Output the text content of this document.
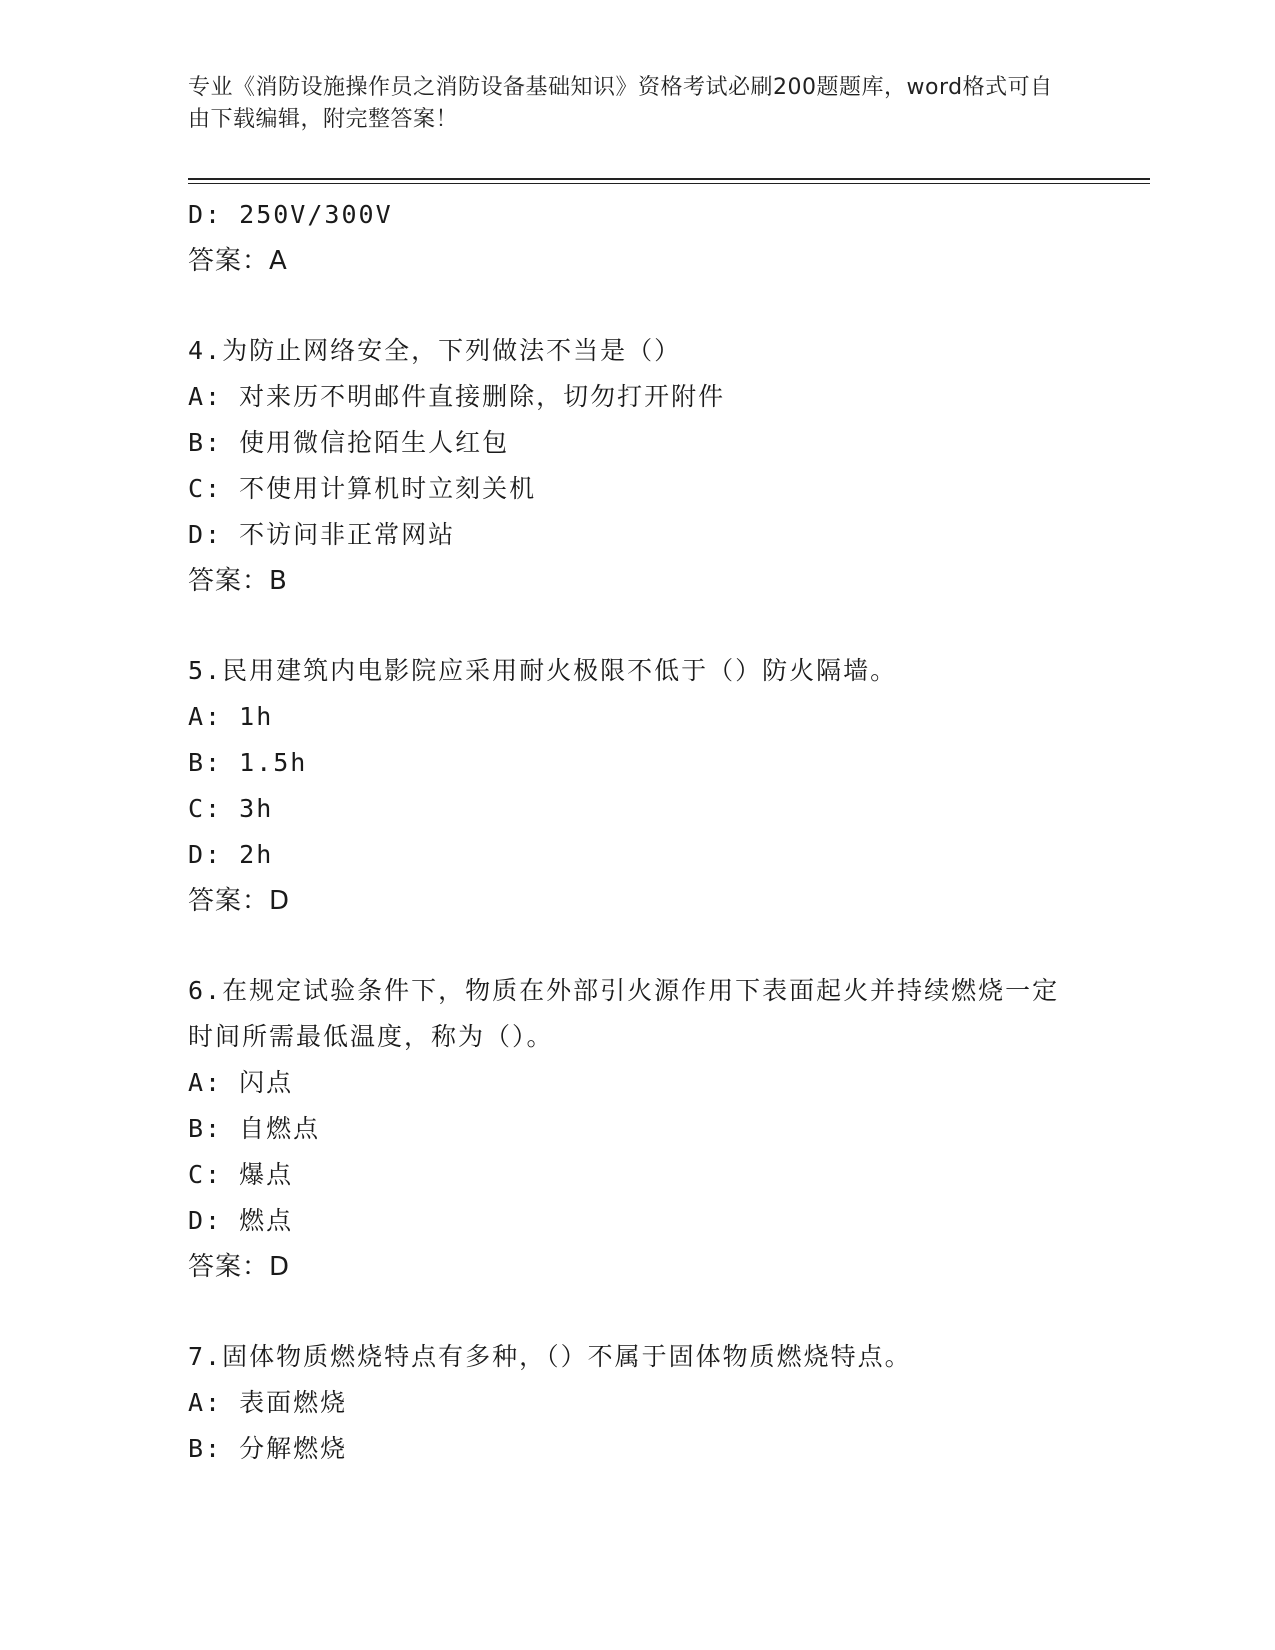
专业《消防设施操作员之消防设备基础知识》资格考试必刷200题题库，word格式可自由下载编辑，附完整答案！
D: 250V/300V
答案：A
4.为防止网络安全，下列做法不当是（）
A: 对来历不明邮件直接删除，切勿打开附件
B: 使用微信抢陌生人红包
C: 不使用计算机时立刻关机
D: 不访问非正常网站
答案：B
5.民用建筑内电影院应采用耐火极限不低于（）防火隔墙。
A: 1h
B: 1.5h
C: 3h
D: 2h
答案：D
6.在规定试验条件下，物质在外部引火源作用下表面起火并持续燃烧一定时间所需最低温度，称为（）。
A: 闪点
B: 自燃点
C: 爆点
D: 燃点
答案：D
7.固体物质燃烧特点有多种，（）不属于固体物质燃烧特点。
A: 表面燃烧
B: 分解燃烧
